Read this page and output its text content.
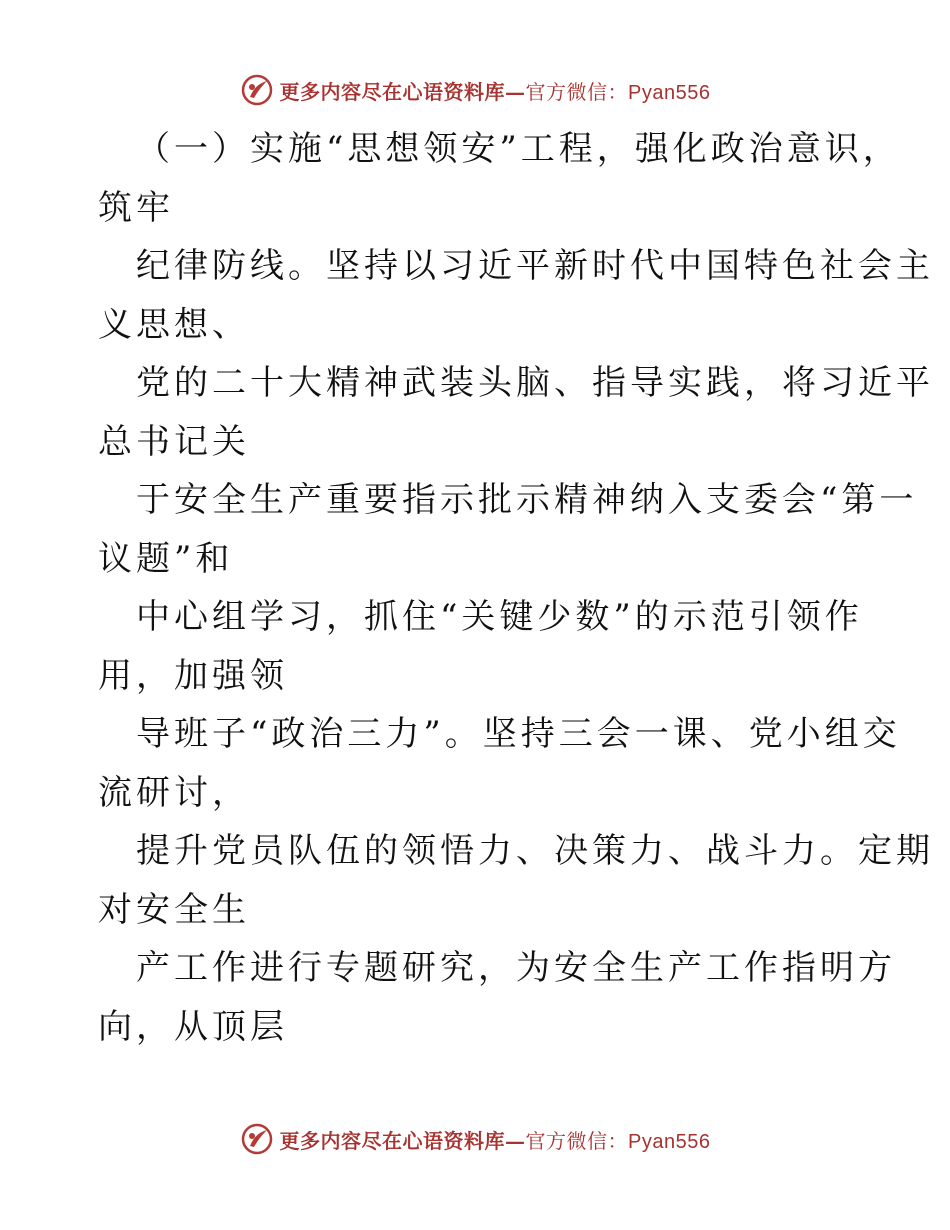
更多内容尽在心语资料库—官方微信：Pyan556
（一）实施“思想领安”工程，强化政治意识，
筑牢
纪律防线。坚持以习近平新时代中国特色社会主
义思想、
党的二十大精神武装头脑、指导实践，将习近平
总书记关
于安全生产重要指示批示精神纳入支委会“第一
议题”和
中心组学习，抓住“关键少数”的示范引领作
用，加强领
导班子“政治三力”。坚持三会一课、党小组交
流研讨，
提升党员队伍的领悟力、决策力、战斗力。定期
对安全生
产工作进行专题研究，为安全生产工作指明方
向，从顶层
更多内容尽在心语资料库—官方微信：Pyan556
